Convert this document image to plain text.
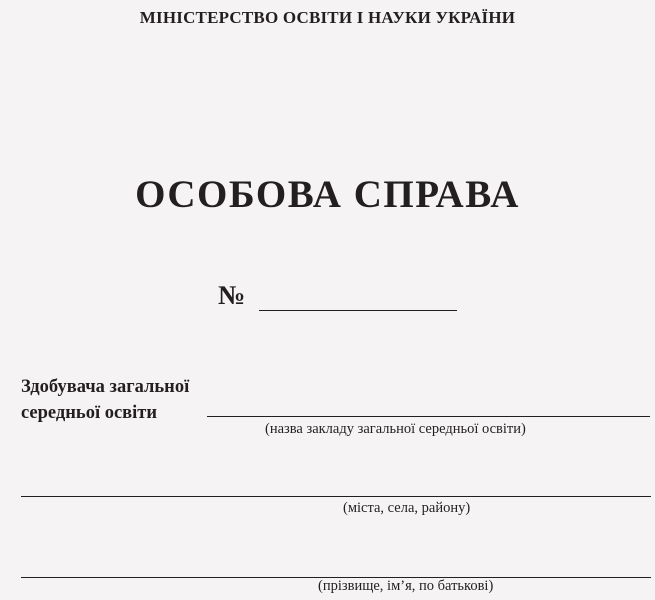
МІНІСТЕРСТВО ОСВІТИ І НАУКИ УКРАЇНИ
ОСОБОВА СПРАВА
№
Здобувача загальної
середньої освіти
(назва закладу загальної середньої освіти)
(міста, села, району)
(прізвище, ім’я, по батькові)
